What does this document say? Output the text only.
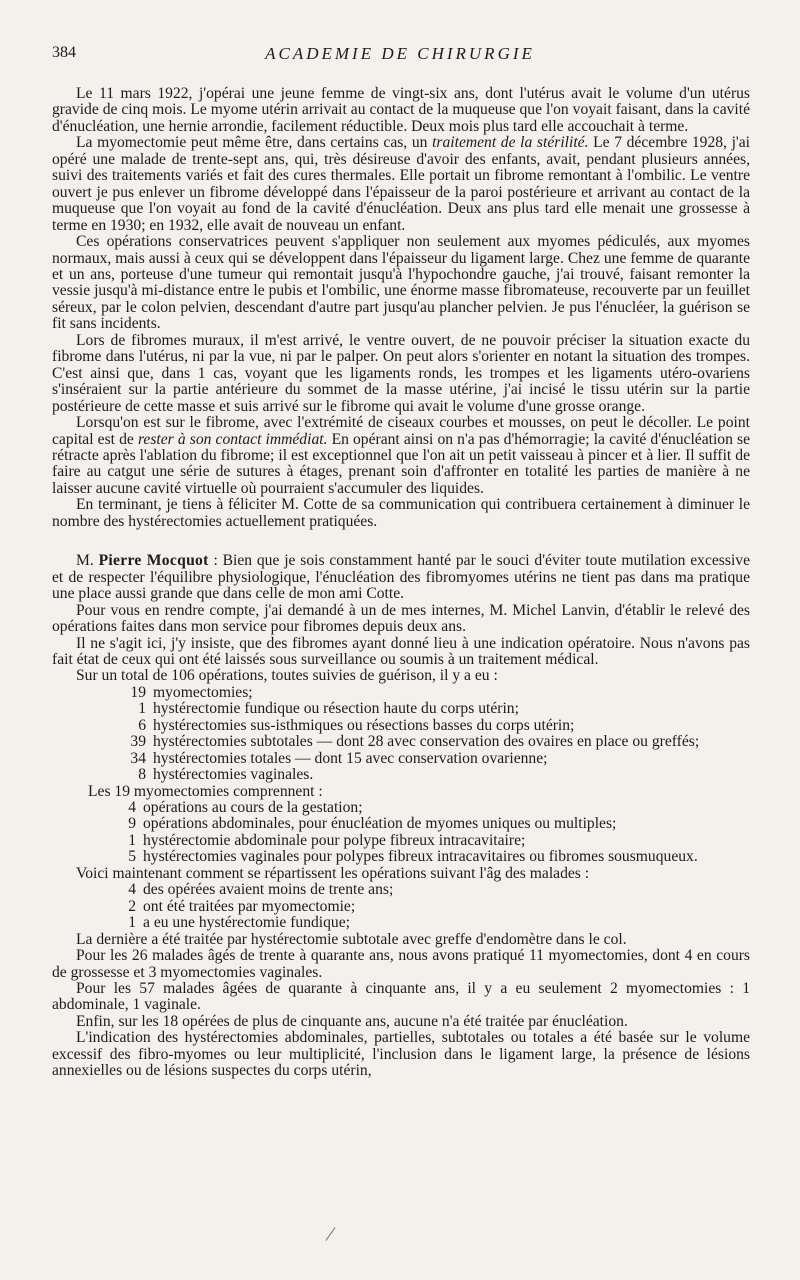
384	ACADEMIE DE CHIRURGIE

Le 11 mars 1922, j'opérai une jeune femme de vingt-six ans, dont l'utérus avait le volume d'un utérus gravide de cinq mois. Le myome utérin arrivait au contact de la muqueuse que l'on voyait faisant, dans la cavité d'énucléation, une hernie arrondie, facilement réductible. Deux mois plus tard elle accouchait à terme.

La myomectomie peut même être, dans certains cas, un traitement de la stérilité. Le 7 décembre 1928, j'ai opéré une malade de trente-sept ans, qui, très désireuse d'avoir des enfants, avait, pendant plusieurs années, suivi des traitements variés et fait des cures thermales. Elle portait un fibrome remontant à l'ombilic. Le ventre ouvert je pus enlever un fibrome développé dans l'épaisseur de la paroi postérieure et arrivant au contact de la muqueuse que l'on voyait au fond de la cavité d'énucléation. Deux ans plus tard elle menait une grossesse à terme en 1930; en 1932, elle avait de nouveau un enfant.

Ces opérations conservatrices peuvent s'appliquer non seulement aux myomes pédiculés, aux myomes normaux, mais aussi à ceux qui se développent dans l'épaisseur du ligament large. Chez une femme de quarante et un ans, porteuse d'une tumeur qui remontait jusqu'à l'hypochondre gauche, j'ai trouvé, faisant remonter la vessie jusqu'à mi-distance entre le pubis et l'ombilic, une énorme masse fibromateuse, recouverte par un feuillet séreux, par le colon pelvien, descendant d'autre part jusqu'au plancher pelvien. Je pus l'énucléer, la guérison se fit sans incidents.

Lors de fibromes muraux, il m'est arrivé, le ventre ouvert, de ne pouvoir préciser la situation exacte du fibrome dans l'utérus, ni par la vue, ni par le palper. On peut alors s'orienter en notant la situation des trompes. C'est ainsi que, dans 1 cas, voyant que les ligaments ronds, les trompes et les ligaments utéro-ovariens s'inséraient sur la partie antérieure du sommet de la masse utérine, j'ai incisé le tissu utérin sur la partie postérieure de cette masse et suis arrivé sur le fibrome qui avait le volume d'une grosse orange.

Lorsqu'on est sur le fibrome, avec l'extrémité de ciseaux courbes et mousses, on peut le décoller. Le point capital est de rester à son contact immédiat. En opérant ainsi on n'a pas d'hémorragie; la cavité d'énucléation se rétracte après l'ablation du fibrome; il est exceptionnel que l'on ait un petit vaisseau à pincer et à lier. Il suffit de faire au catgut une série de sutures à étages, prenant soin d'affronter en totalité les parties de manière à ne laisser aucune cavité virtuelle où pourraient s'accumuler des liquides.

En terminant, je tiens à féliciter M. Cotte de sa communication qui contribuera certainement à diminuer le nombre des hystérectomies actuellement pratiquées.

M. Pierre Mocquot : Bien que je sois constamment hanté par le souci d'éviter toute mutilation excessive et de respecter l'équilibre physiologique, l'énucléation des fibromyomes utérins ne tient pas dans ma pratique une place aussi grande que dans celle de mon ami Cotte.

Pour vous en rendre compte, j'ai demandé à un de mes internes, M. Michel Lanvin, d'établir le relevé des opérations faites dans mon service pour fibromes depuis deux ans.

Il ne s'agit ici, j'y insiste, que des fibromes ayant donné lieu à une indication opératoire. Nous n'avons pas fait état de ceux qui ont été laissés sous surveillance ou soumis à un traitement médical.

Sur un total de 106 opérations, toutes suivies de guérison, il y a eu :

19 myomectomies;
1 hystérectomie fundique ou résection haute du corps utérin;
6 hystérectomies sus-isthmiques ou résections basses du corps utérin;
39 hystérectomies subtotales — dont 28 avec conservation des ovaires en place ou greffés;
34 hystérectomies totales — dont 15 avec conservation ovarienne;
8 hystérectomies vaginales.

Les 19 myomectomies comprennent :

4 opérations au cours de la gestation;
9 opérations abdominales, pour énucléation de myomes uniques ou multiples;
1 hystérectomie abdominale pour polype fibreux intracavitaire;
5 hystérectomies vaginales pour polypes fibreux intracavitaires ou fibromes sousmuqueux.

Voici maintenant comment se répartissent les opérations suivant l'âg des malades :

4 des opérées avaient moins de trente ans;
2 ont été traitées par myomectomie;
1 a eu une hystérectomie fundique;

La dernière a été traitée par hystérectomie subtotale avec greffe d'endomètre dans le col.

Pour les 26 malades âgés de trente à quarante ans, nous avons pratiqué 11 myomectomies, dont 4 en cours de grossesse et 3 myomectomies vaginales.

Pour les 57 malades âgées de quarante à cinquante ans, il y a eu seulement 2 myomectomies : 1 abdominale, 1 vaginale.

Enfin, sur les 18 opérées de plus de cinquante ans, aucune n'a été traitée par énucléation.

L'indication des hystérectomies abdominales, partielles, subtotales ou totales a été basée sur le volume excessif des fibro-myomes ou leur multiplicité, l'inclusion dans le ligament large, la présence de lésions annexielles ou de lésions suspectes du corps utérin,
